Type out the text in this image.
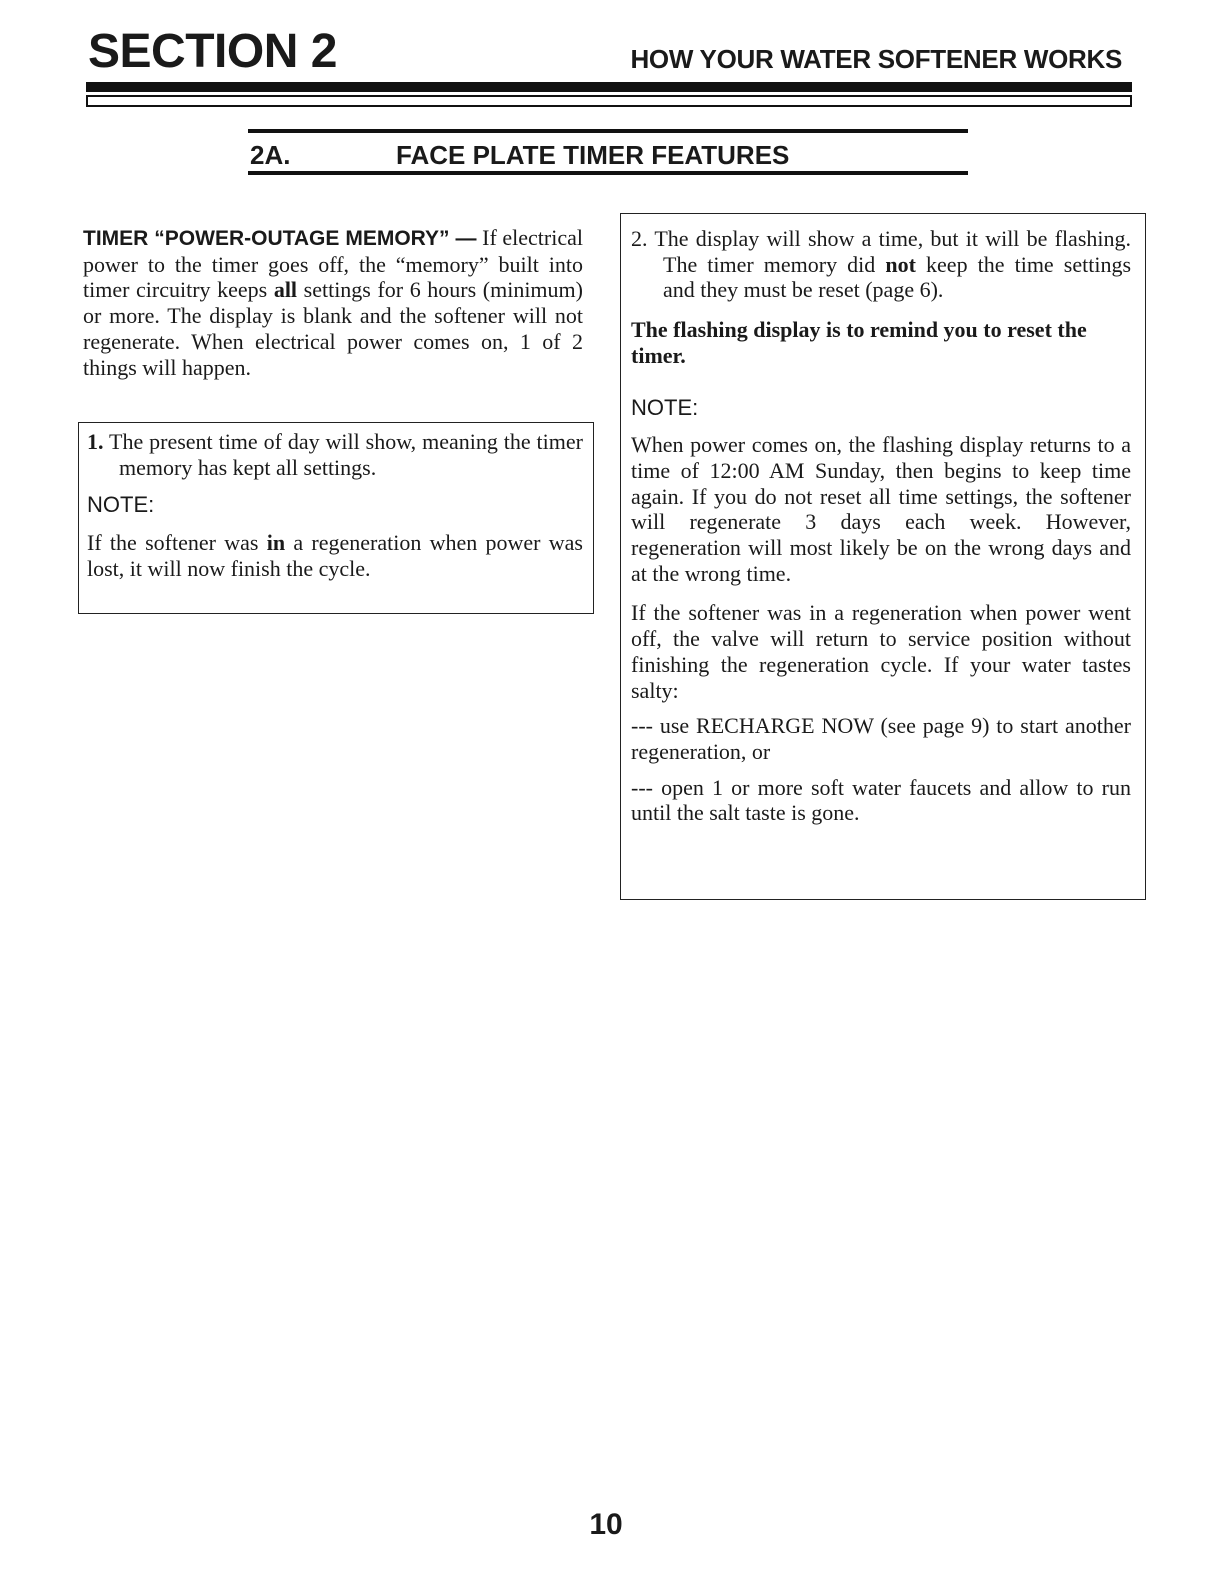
SECTION 2	HOW YOUR WATER SOFTENER WORKS
2A.	FACE PLATE TIMER FEATURES

TIMER “POWER-OUTAGE MEMORY” — If electrical power to the timer goes off, the “memory” built into timer circuitry keeps all settings for 6 hours (minimum) or more. The display is blank and the softener will not regenerate. When electrical power comes on, 1 of 2 things will happen.

1. The present time of day will show, meaning the timer memory has kept all settings.

NOTE:

If the softener was in a regeneration when power was lost, it will now finish the cycle.

2. The display will show a time, but it will be flashing. The timer memory did not keep the time settings and they must be reset (page 6).

The flashing display is to remind you to reset the timer.

NOTE:

When power comes on, the flashing display returns to a time of 12:00 AM Sunday, then begins to keep time again. If you do not reset all time settings, the softener will regenerate 3 days each week. However, regeneration will most likely be on the wrong days and at the wrong time.

If the softener was in a regeneration when power went off, the valve will return to service position without finishing the regeneration cycle. If your water tastes salty:

--- use RECHARGE NOW (see page 9) to start another regeneration, or

--- open 1 or more soft water faucets and allow to run until the salt taste is gone.

10
